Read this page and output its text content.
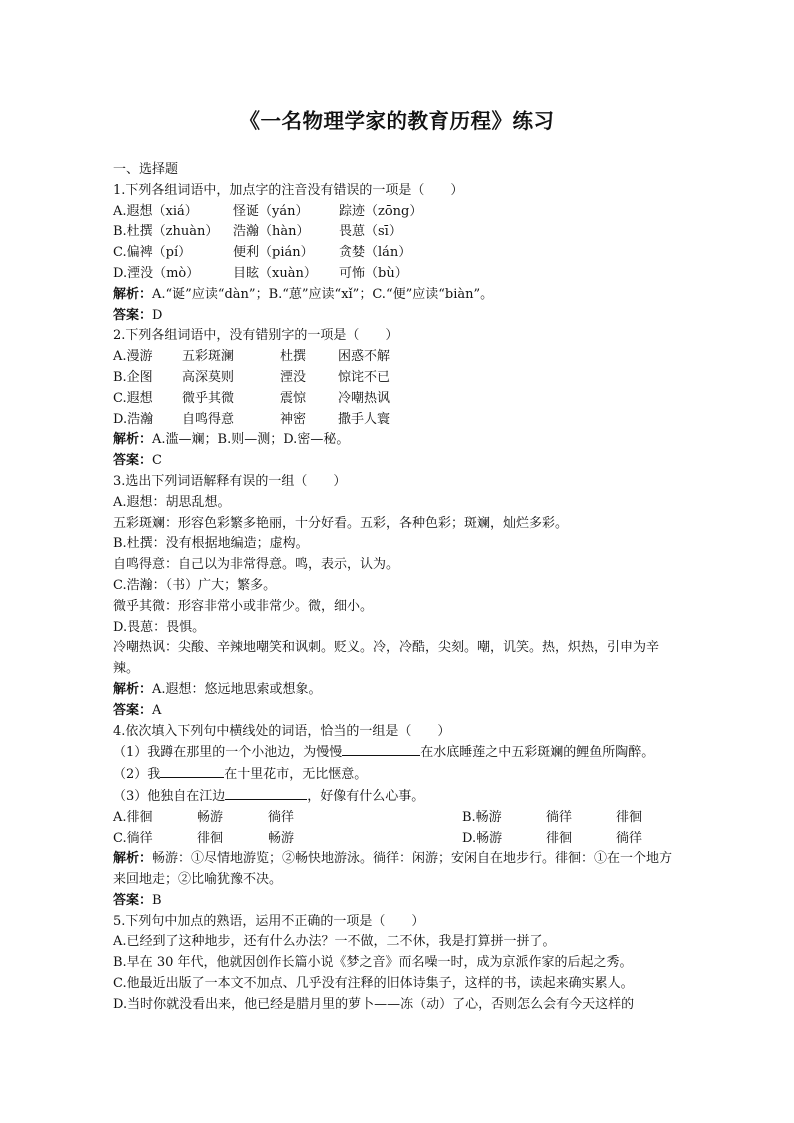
《一名物理学家的教育历程》练习
一、选择题
1.下列各组词语中，加点字的注音没有错误的一项是（　　）
A.遐想（xiá）	怪诞（yán） 踪迹（zōng）
B.杜撰（zhuàn） 浩瀚（hàn） 畏葸（sī）
C.偏裨（pí）	便利（pián） 贪婪（lán）
D.湮没（mò）	目眩（xuàn） 可怖（bù）
解析：A.“诞”应读“dàn”；B.“葸”应读“xǐ”；C.“便”应读“biàn”。
答案：D
2.下列各组词语中，没有错别字的一项是（　　）
A.漫游 五彩斑澜	杜撰 困惑不解
B.企图 高深莫则	湮没 惊诧不已
C.遐想 微乎其微	震惊 冷嘲热讽
D.浩瀚 自鸣得意	神密 撒手人寰
解析：A.滥—斓；B.则—测；D.密—秘。
答案：C
3.选出下列词语解释有误的一组（　　）
A.遐想：胡思乱想。
五彩斑斓：形容色彩繁多艳丽，十分好看。五彩，各种色彩；斑斓，灿烂多彩。
B.杜撰：没有根据地编造；虚构。
自鸣得意：自己以为非常得意。鸣，表示，认为。
C.浩瀚：（书）广大；繁多。
微乎其微：形容非常小或非常少。微，细小。
D.畏葸：畏惧。
冷嘲热讽：尖酸、辛辣地嘲笑和讽刺。贬义。冷，冷酷，尖刻。嘲，讥笑。热，炽热，引申为辛辣。
解析：A.遐想：悠远地思索或想象。
答案：A
4.依次填入下列句中横线处的词语，恰当的一组是（　　）
（1）我蹲在那里的一个小池边，为慢慢	在水底睡莲之中五彩斑斓的鲤鱼所陶醉。
（2）我	在十里花市，无比惬意。
（3）他独自在江边	，好像有什么心事。
A.徘徊	畅游	徜徉	B.畅游	徜徉	徘徊
C.徜徉	徘徊	畅游	D.畅游	徘徊	徜徉
解析：畅游：①尽情地游览；②畅快地游泳。徜徉：闲游；安闲自在地步行。徘徊：①在一个地方来回地走；②比喻犹豫不决。
答案：B
5.下列句中加点的熟语，运用不正确的一项是（　　）
A.已经到了这种地步，还有什么办法？一不做，二不休，我是打算拼一拼了。
B.早在 30 年代，他就因创作长篇小说《梦之音》而名噪一时，成为京派作家的后起之秀。
C.他最近出版了一本文不加点、几乎没有注释的旧体诗集子，这样的书，读起来确实累人。
D.当时你就没看出来，他已经是腊月里的萝卜——冻（动）了心，否则怎么会有今天这样的
